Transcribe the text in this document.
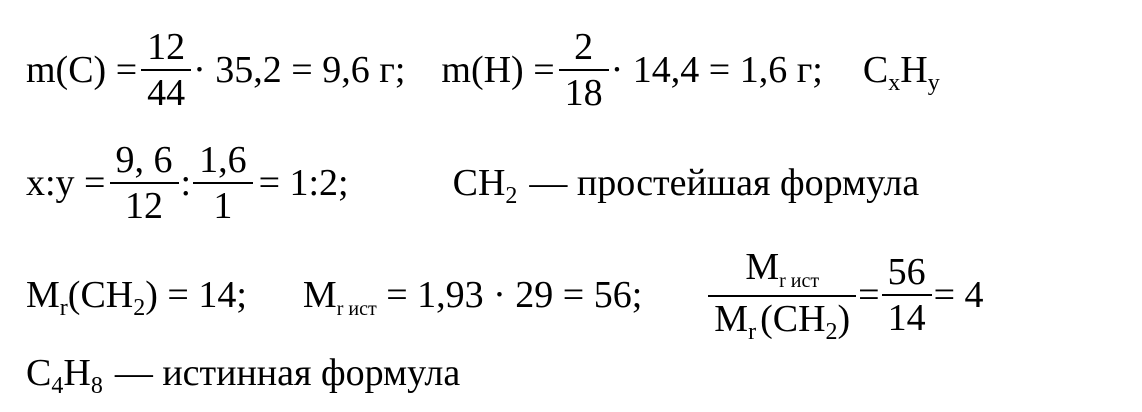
$m(C) = \frac{12}{44} \cdot 35,2 = 9,6$ г; $m(H) = \frac{2}{18} \cdot 14,4 = 1,6$ г; $C_xH_y$
x:y = $\frac{9, 6}{12}$ : $\frac{1,6}{1}$ = 1:2;	$CH_2$ — простейшая формула
$M_r(CH_2) = 14$; $M_{r ист} = 1,93 \cdot 29 = 56$; $\frac{M_{r ист}}{M_r (CH_2)} = \frac{56}{14} = 4$
$C_4H_8$ — истинная формула
